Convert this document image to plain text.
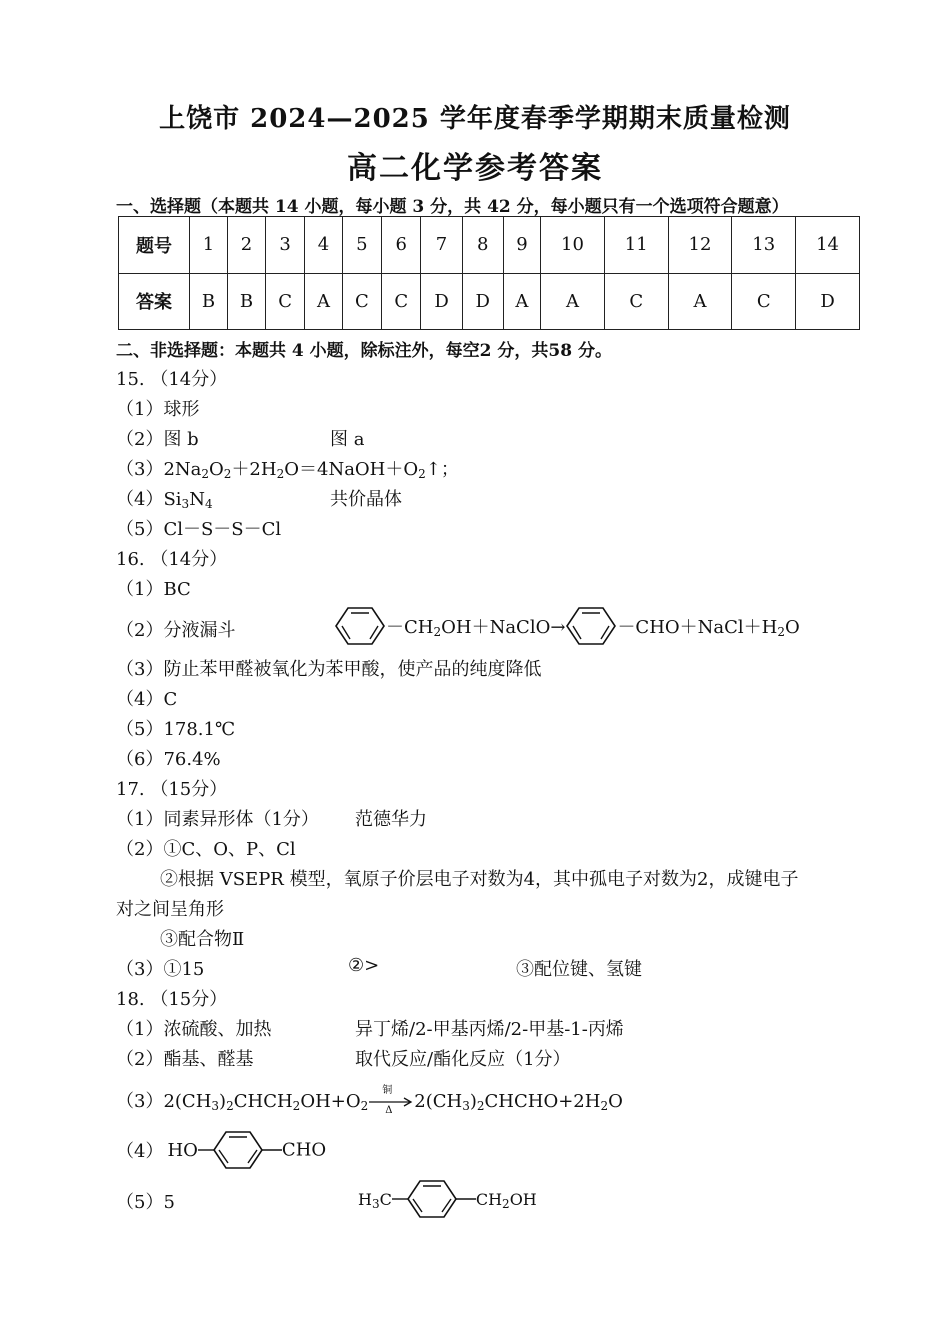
上饶市 2024—2025 学年度春季学期期末质量检测
高二化学参考答案
一、选择题（本题共 14 小题，每小题 3 分，共 42 分，每小题只有一个选项符合题意）
题号	1	2	3	4	5	6	7	8	9	10	11	12	13	14
答案	B	B	C	A	C	C	D	D	A	A	C	A	C	D
二、非选择题：本题共 4 小题，除标注外，每空2 分，共58 分。
15. （14分）
（1）球形
（2）图 b	图 a
$(3)2Na_2O_2+2H_2O=4NaOH+O_2↑$；
$(4)Si_3N_4$	共价晶体
（5）Cl－S－S－Cl
16. （14分）
（1）BC
（2）分液漏斗	$-CH_2OH+NaClO\to$	$-CHO+NaCl+H_2O$
（3）防止苯甲醛被氧化为苯甲酸，使产品的纯度降低
（4）C
（5）178.1℃
（6）76.4%
17. （15分）
（1）同素异形体（1分） 范德华力
（2）①C、O、P、Cl
②根据 VSEPR 模型，氧原子价层电子对数为4，其中孤电子对数为2，成键电子
对之间呈角形
③配合物Ⅱ
（3）①15	②>	③配位键、氢键
18. （15分）
（1）浓硫酸、加热	异丁烯/2-甲基丙烯/2-甲基-1-丙烯
（2）酯基、醛基	取代反应/酯化反应（1分）
$(3)2(CH_3)_2CHCH_2OH+O_2$
铜
Δ $2(CH_3)_2CHCHO+2H_2O$
（4） HO	CHO
（5）5	$H_3C$	$CH_2OH$
